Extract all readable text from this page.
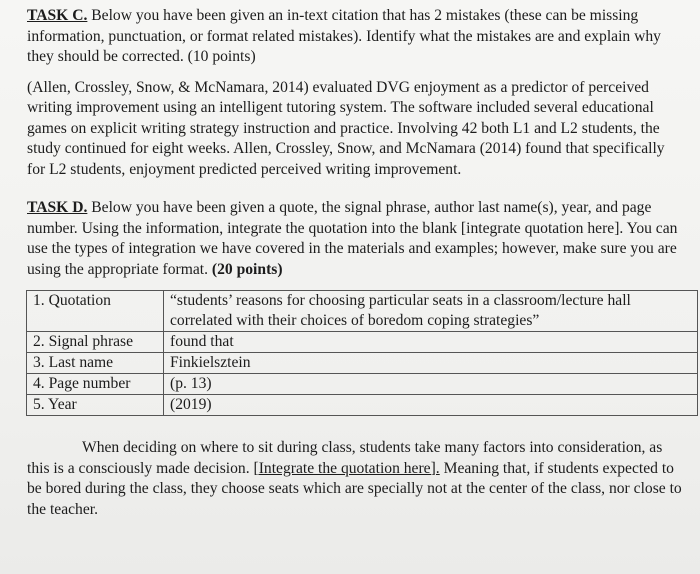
TASK C. Below you have been given an in-text citation that has 2 mistakes (these can be missing information, punctuation, or format related mistakes). Identify what the mistakes are and explain why they should be corrected. (10 points)

(Allen, Crossley, Snow, & McNamara, 2014) evaluated DVG enjoyment as a predictor of perceived writing improvement using an intelligent tutoring system. The software included several educational games on explicit writing strategy instruction and practice. Involving 42 both L1 and L2 students, the study continued for eight weeks. Allen, Crossley, Snow, and McNamara (2014) found that specifically for L2 students, enjoyment predicted perceived writing improvement.

TASK D. Below you have been given a quote, the signal phrase, author last name(s), year, and page number. Using the information, integrate the quotation into the blank [integrate quotation here]. You can use the types of integration we have covered in the materials and examples; however, make sure you are using the appropriate format. (20 points)

1. Quotation	“students’ reasons for choosing particular seats in a classroom/lecture hall correlated with their choices of boredom coping strategies”
2. Signal phrase	found that
3. Last name	Finkielsztein
4. Page number	(p. 13)
5. Year	(2019)

When deciding on where to sit during class, students take many factors into consideration, as this is a consciously made decision. [Integrate the quotation here]. Meaning that, if students expected to be bored during the class, they choose seats which are specially not at the center of the class, nor close to the teacher.
